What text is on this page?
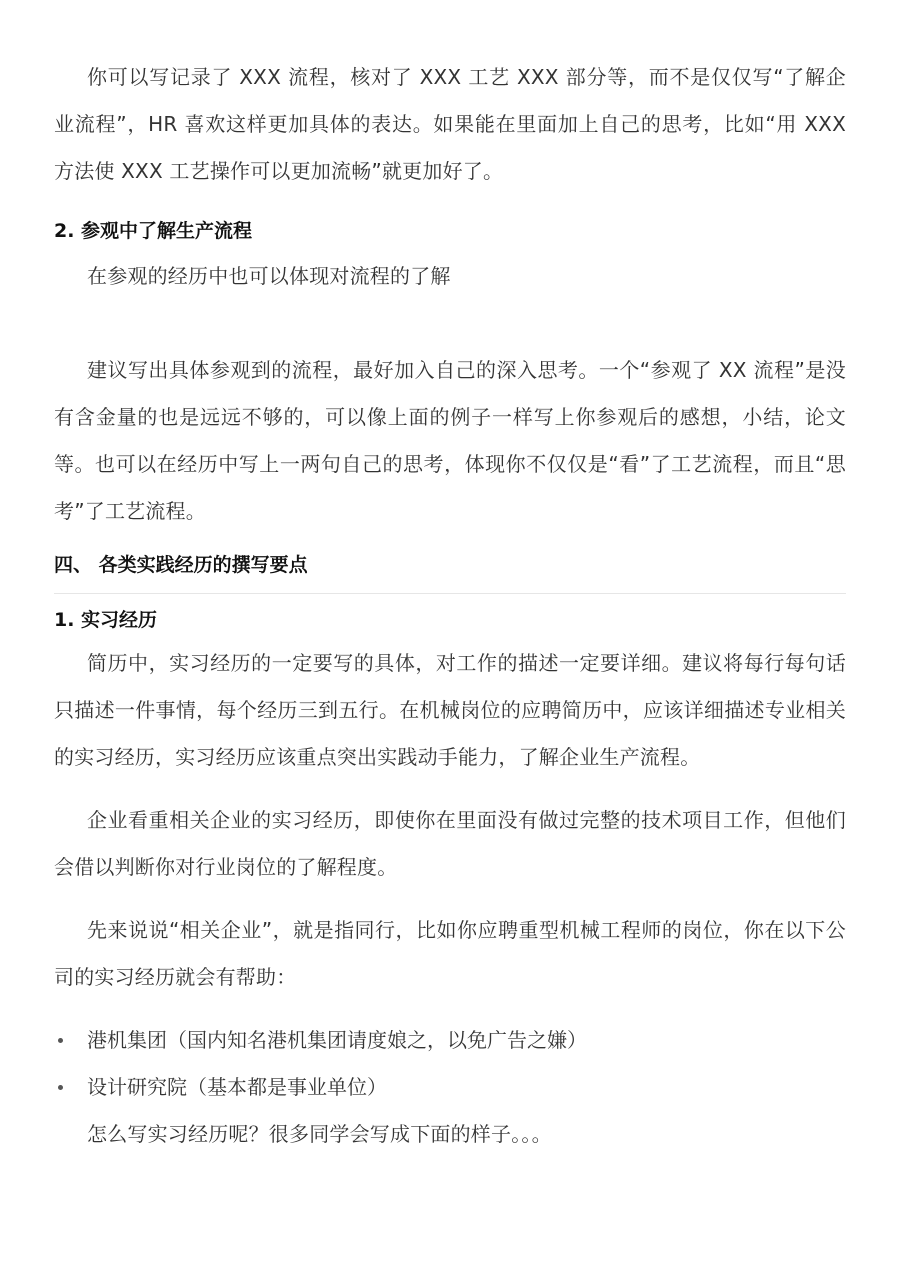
你可以写记录了 XXX 流程，核对了 XXX 工艺 XXX 部分等，而不是仅仅写“了解企业流程”，HR 喜欢这样更加具体的表达。如果能在里面加上自己的思考，比如“用 XXX 方法使 XXX 工艺操作可以更加流畅”就更加好了。

2. 参观中了解生产流程

在参观的经历中也可以体现对流程的了解

建议写出具体参观到的流程，最好加入自己的深入思考。一个“参观了 XX 流程”是没有含金量的也是远远不够的，可以像上面的例子一样写上你参观后的感想，小结，论文等。也可以在经历中写上一两句自己的思考，体现你不仅仅是“看”了工艺流程，而且“思考”了工艺流程。

四、 各类实践经历的撰写要点
1. 实习经历

简历中，实习经历的一定要写的具体，对工作的描述一定要详细。建议将每行每句话只描述一件事情，每个经历三到五行。在机械岗位的应聘简历中，应该详细描述专业相关的实习经历，实习经历应该重点突出实践动手能力，了解企业生产流程。

企业看重相关企业的实习经历，即使你在里面没有做过完整的技术项目工作，但他们会借以判断你对行业岗位的了解程度。

先来说说“相关企业”，就是指同行，比如你应聘重型机械工程师的岗位，你在以下公司的实习经历就会有帮助：

港机集团（国内知名港机集团请度娘之，以免广告之嫌）
设计研究院（基本都是事业单位）

怎么写实习经历呢？很多同学会写成下面的样子。。。
